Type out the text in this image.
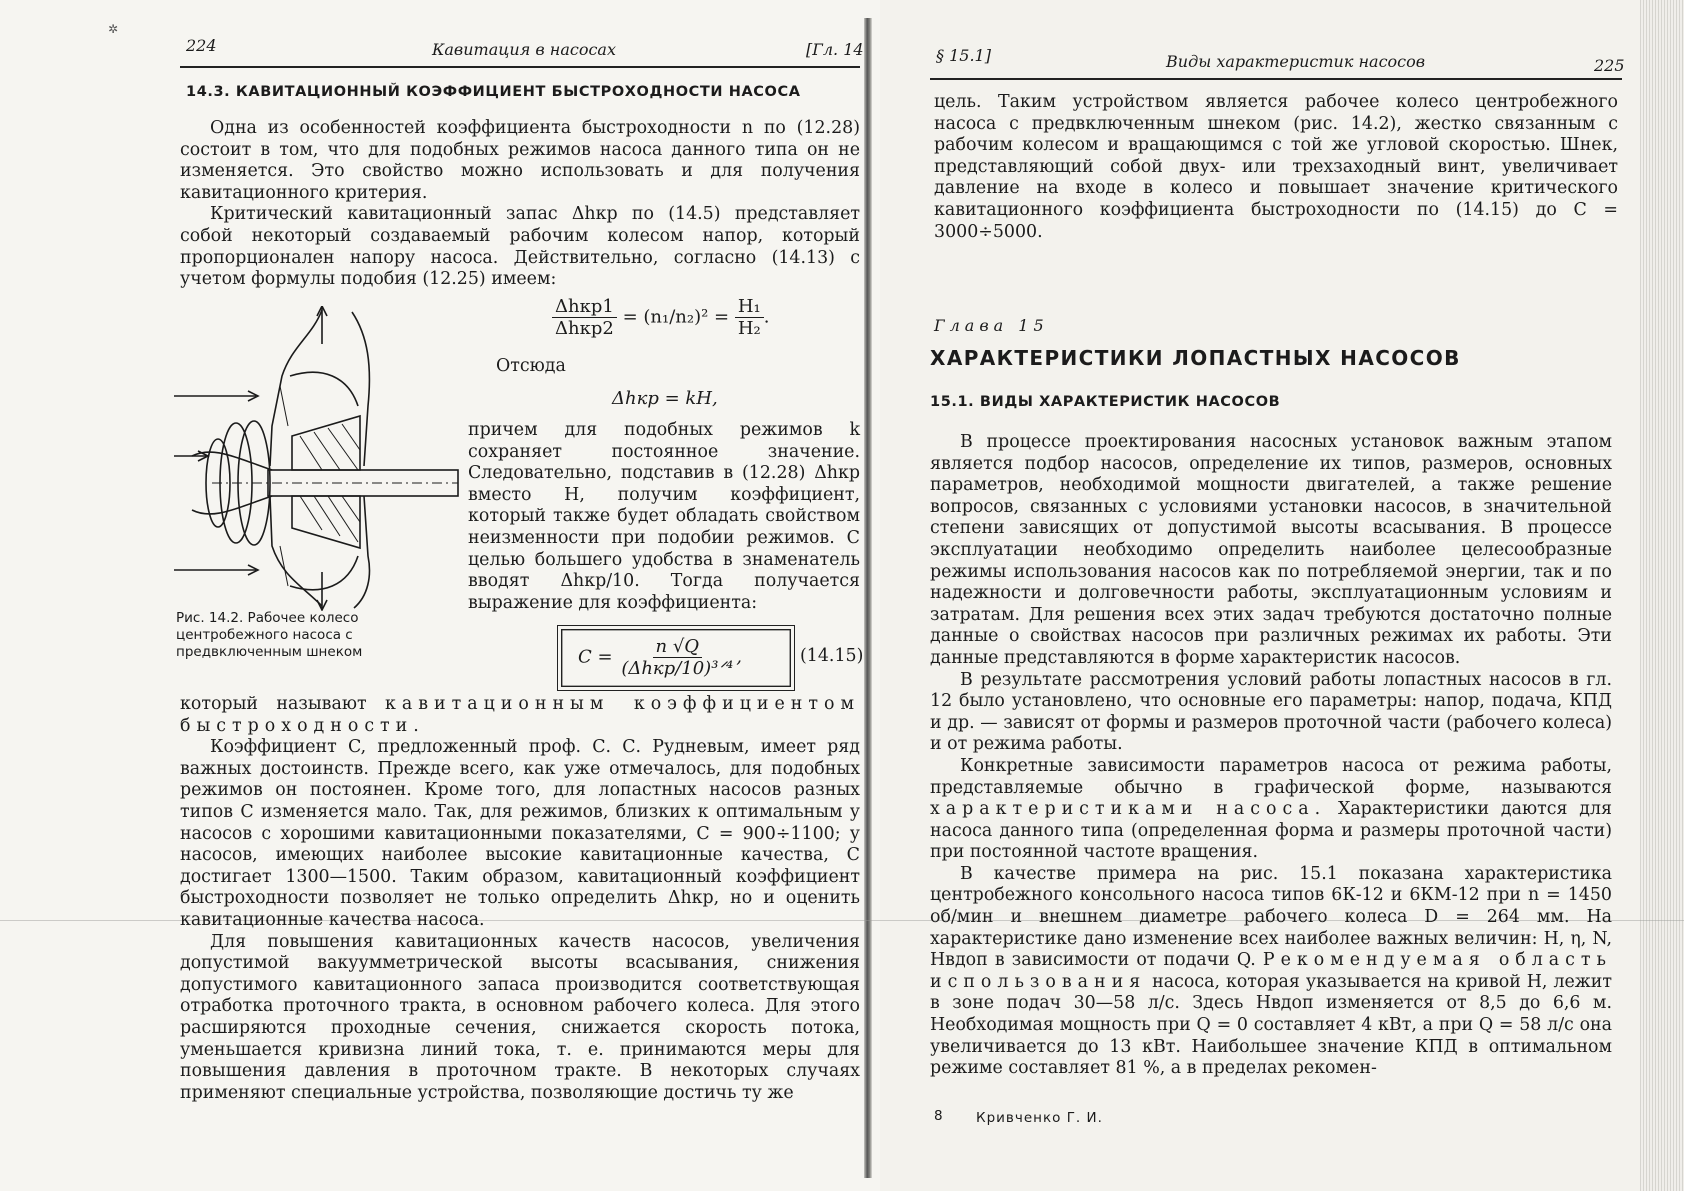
✲
224	Кавитация в насосах	[Гл. 14
14.3. КАВИТАЦИОННЫЙ КОЭФФИЦИЕНТ БЫСТРОХОДНОСТИ НАСОСА

Одна из особенностей коэффициента быстроходности n по (12.28) состоит в том, что для подобных режимов насоса данного типа он не изменяется. Это свойство можно использовать и для получения кавитационного критерия.

Критический кавитационный запас Δhкр по (14.5) представляет собой некоторый создаваемый рабочим колесом напор, который пропорционален напору насоса. Действительно, согласно (14.13) с учетом формулы подобия (12.25) имеем:

$\frac{\text{Δhкр1}}{\text{Δhкр2}} = (n_1/n_2)^2 = \frac{\text{H₁}}{\text{H₂}}$ .
Отсюда
Δhкр = kH,
Рис. 14.2. Рабочее колесо центробежного насоса с предвключенным шнеком

причем для подобных режимов k сохраняет постоянное значение. Следовательно, подставив в (12.28) Δhкр вместо H, получим коэффициент, который также будет обладать свойством неизменности при подобии режимов. С целью большего удобства в знаменатель вводят Δhкр/10. Тогда получается выражение для коэффициента:

$C = \frac{n √Q}{\text{(Δhкр/10)³ᐟ⁴}}$ ,	(14.15)

который называют кавитационным коэффициентом быстроходности.

Коэффициент C, предложенный проф. С. С. Рудневым, имеет ряд важных достоинств. Прежде всего, как уже отмечалось, для подобных режимов он постоянен. Кроме того, для лопастных насосов разных типов C изменяется мало. Так, для режимов, близких к оптимальным у насосов с хорошими кавитационными показателями, C = 900÷1100; у насосов, имеющих наиболее высокие кавитационные качества, C достигает 1300—1500. Таким образом, кавитационный коэффициент быстроходности позволяет не только определить Δhкр, но и оценить кавитационные качества насоса.

Для повышения кавитационных качеств насосов, увеличения допустимой вакуумметрической высоты всасывания, снижения допустимого кавитационного запаса производится соответствующая отработка проточного тракта, в основном рабочего колеса. Для этого расширяются проходные сечения, снижается скорость потока, уменьшается кривизна линий тока, т. е. принимаются меры для повышения давления в проточном тракте. В некоторых случаях применяют специальные устройства, позволяющие достичь ту же

§ 15.1]	Виды характеристик насосов	225

цель. Таким устройством является рабочее колесо центробежного насоса с предвключенным шнеком (рис. 14.2), жестко связанным с рабочим колесом и вращающимся с той же угловой скоростью. Шнек, представляющий собой двух- или трехзаходный винт, увеличивает давление на входе в колесо и повышает значение критического кавитационного коэффициента быстроходности по (14.15) до C = 3000÷5000.

Глава 15
ХАРАКТЕРИСТИКИ ЛОПАСТНЫХ НАСОСОВ
15.1. ВИДЫ ХАРАКТЕРИСТИК НАСОСОВ

В процессе проектирования насосных установок важным этапом является подбор насосов, определение их типов, размеров, основных параметров, необходимой мощности двигателей, а также решение вопросов, связанных с условиями установки насосов, в значительной степени зависящих от допустимой высоты всасывания. В процессе эксплуатации необходимо определить наиболее целесообразные режимы использования насосов как по потребляемой энергии, так и по надежности и долговечности работы, эксплуатационным условиям и затратам. Для решения всех этих задач требуются достаточно полные данные о свойствах насосов при различных режимах их работы. Эти данные представляются в форме характеристик насосов.

В результате рассмотрения условий работы лопастных насосов в гл. 12 было установлено, что основные его параметры: напор, подача, КПД и др. — зависят от формы и размеров проточной части (рабочего колеса) и от режима работы.

Конкретные зависимости параметров насоса от режима работы, представляемые обычно в графической форме, называются характеристиками насоса. Характеристики даются для насоса данного типа (определенная форма и размеры проточной части) при постоянной частоте вращения.

В качестве примера на рис. 15.1 показана характеристика центробежного консольного насоса типов 6К-12 и 6КМ-12 при n = 1450 об/мин и внешнем диаметре рабочего колеса D = 264 мм. На характеристике дано изменение всех наиболее важных величин: H, η, N, Hвдоп в зависимости от подачи Q. Рекомендуемая область использования насоса, которая указывается на кривой H, лежит в зоне подач 30—58 л/с. Здесь Hвдоп изменяется от 8,5 до 6,6 м. Необходимая мощность при Q = 0 составляет 4 кВт, а при Q = 58 л/с она увеличивается до 13 кВт. Наибольшее значение КПД в оптимальном режиме составляет 81 %, а в пределах рекомен-

8 Кривченко Г. И.
